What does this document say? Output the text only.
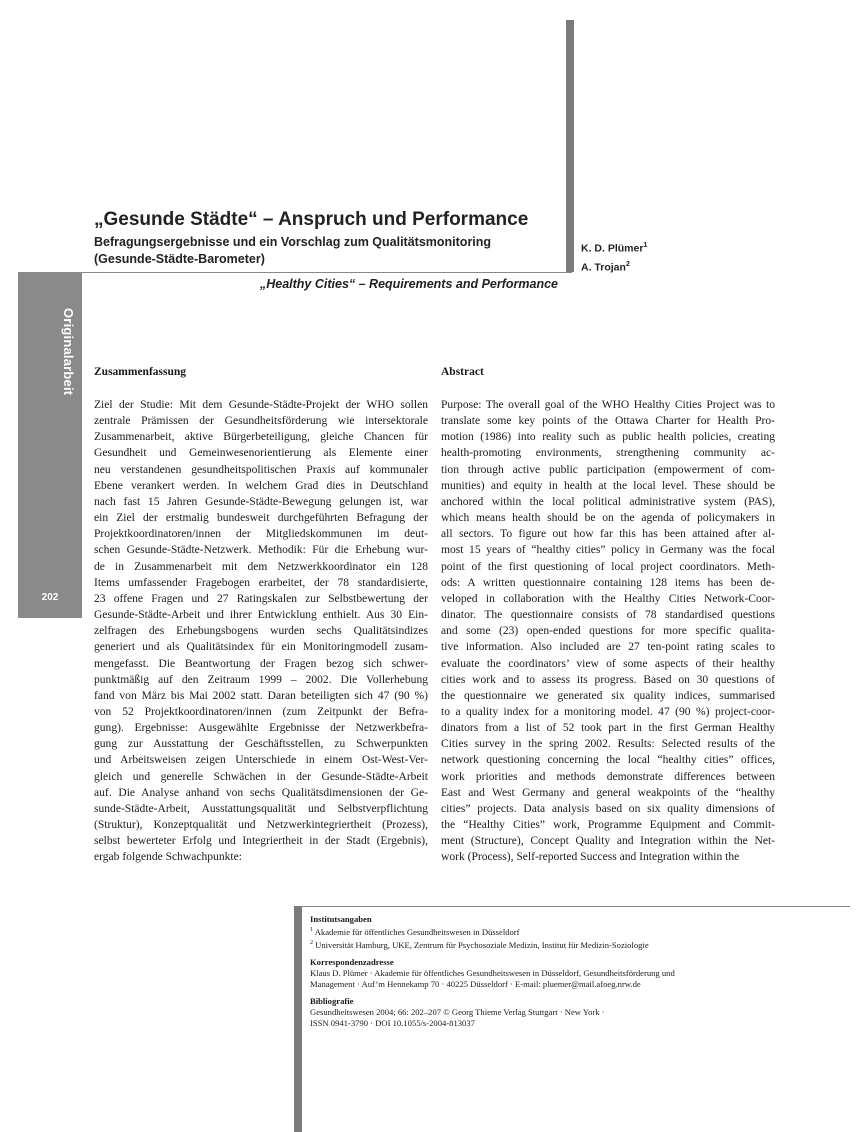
Originalarbeit
202
„Gesunde Städte“ – Anspruch und Performance
Befragungsergebnisse und ein Vorschlag zum Qualitätsmonitoring
(Gesunde-Städte-Barometer)
K. D. Plümer$^1$
A. Trojan$^2$
„Healthy Cities“ – Requirements and Performance
Zusammenfassung

Ziel der Studie: Mit dem Gesunde-Städte-Projekt der WHO sollen
zentrale Prämissen der Gesundheitsförderung wie intersektorale
Zusammenarbeit, aktive Bürgerbeteiligung, gleiche Chancen für
Gesundheit und Gemeinwesenorientierung als Elemente einer
neu verstandenen gesundheitspolitischen Praxis auf kommunaler
Ebene verankert werden. In welchem Grad dies in Deutschland
nach fast 15 Jahren Gesunde-Städte-Bewegung gelungen ist, war
ein Ziel der erstmalig bundesweit durchgeführten Befragung der
Projektkoordinatoren/innen der Mitgliedskommunen im deut-
schen Gesunde-Städte-Netzwerk. Methodik: Für die Erhebung wur-
de in Zusammenarbeit mit dem Netzwerkkoordinator ein 128
Items umfassender Fragebogen erarbeitet, der 78 standardisierte,
23 offene Fragen und 27 Ratingskalen zur Selbstbewertung der
Gesunde-Städte-Arbeit und ihrer Entwicklung enthielt. Aus 30 Ein-
zelfragen des Erhebungsbogens wurden sechs Qualitätsindizes
generiert und als Qualitätsindex für ein Monitoringmodell zusam-
mengefasst. Die Beantwortung der Fragen bezog sich schwer-
punktmäßig auf den Zeitraum 1999 – 2002. Die Vollerhebung
fand von März bis Mai 2002 statt. Daran beteiligten sich 47 (90 %)
von 52 Projektkoordinatoren/innen (zum Zeitpunkt der Befra-
gung). Ergebnisse: Ausgewählte Ergebnisse der Netzwerkbefra-
gung zur Ausstattung der Geschäftsstellen, zu Schwerpunkten
und Arbeitsweisen zeigen Unterschiede in einem Ost-West-Ver-
gleich und generelle Schwächen in der Gesunde-Städte-Arbeit
auf. Die Analyse anhand von sechs Qualitätsdimensionen der Ge-
sunde-Städte-Arbeit, Ausstattungsqualität und Selbstverpflichtung
(Struktur), Konzeptqualität und Netzwerkintegriertheit (Prozess),
selbst bewerteter Erfolg und Integriertheit in der Stadt (Ergebnis),
ergab folgende Schwachpunkte:

Abstract

Purpose: The overall goal of the WHO Healthy Cities Project was to
translate some key points of the Ottawa Charter for Health Pro-
motion (1986) into reality such as public health policies, creating
health-promoting environments, strengthening community ac-
tion through active public participation (empowerment of com-
munities) and equity in health at the local level. These should be
anchored within the local political administrative system (PAS),
which means health should be on the agenda of policymakers in
all sectors. To figure out how far this has been attained after al-
most 15 years of “healthy cities” policy in Germany was the focal
point of the first questioning of local project coordinators. Meth-
ods: A written questionnaire containing 128 items has been de-
veloped in collaboration with the Healthy Cities Network-Coor-
dinator. The questionnaire consists of 78 standardised questions
and some (23) open-ended questions for more specific qualita-
tive information. Also included are 27 ten-point rating scales to
evaluate the coordinators’ view of some aspects of their healthy
cities work and to assess its progress. Based on 30 questions of
the questionnaire we generated six quality indices, summarised
to a quality index for a monitoring model. 47 (90 %) project-coor-
dinators from a list of 52 took part in the first German Healthy
Cities survey in the spring 2002. Results: Selected results of the
network questioning concerning the local “healthy cities” offices,
work priorities and methods demonstrate differences between
East and West Germany and general weakpoints of the “healthy
cities” projects. Data analysis based on six quality dimensions of
the “Healthy Cities” work, Programme Equipment and Commit-
ment (Structure), Concept Quality and Integration within the Net-
work (Process), Self-reported Success and Integration within the

Institutsangaben
$^1$ Akademie für öffentliches Gesundheitswesen in Düsseldorf
$^2$ Universität Hamburg, UKE, Zentrum für Psychosoziale Medizin, Institut für Medizin-Soziologie
Korrespondenzadresse
Klaus D. Plümer · Akademie für öffentliches Gesundheitswesen in Düsseldorf, Gesundheitsförderung und
Management · Auf’m Hennekamp 70 · 40225 Düsseldorf · E-mail: pluemer@mail.afoeg.nrw.de
Bibliografie
Gesundheitswesen 2004; 66: 202–207 © Georg Thieme Verlag Stuttgart · New York ·
ISSN 0941-3790 · DOI 10.1055/s-2004-813037
